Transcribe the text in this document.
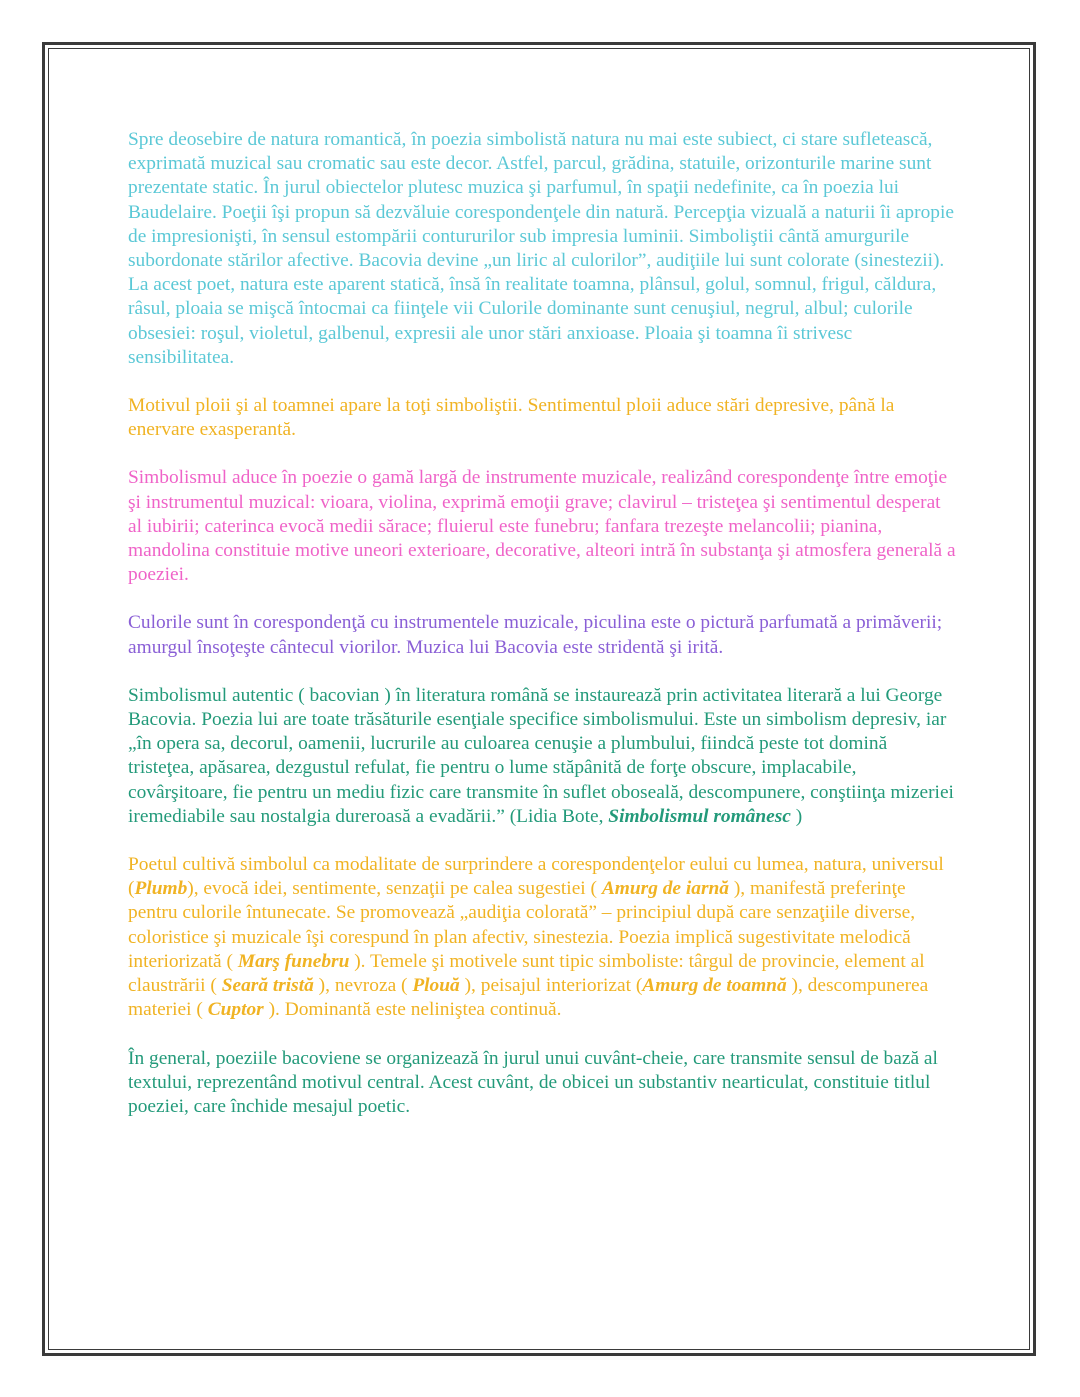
Spre deosebire de natura romantică, în poezia simbolistă natura nu mai este subiect, ci stare sufletească, exprimată muzical sau cromatic sau este decor. Astfel, parcul, grădina, statuile, orizonturile marine sunt prezentate static. În jurul obiectelor plutesc muzica şi parfumul, în spaţii nedefinite, ca în poezia lui Baudelaire. Poeţii îşi propun să dezvăluie corespondenţele din natură. Percepţia vizuală a naturii îi apropie de impresionişti, în sensul estompării contururilor sub impresia luminii. Simboliştii cântă amurgurile subordonate stărilor afective. Bacovia devine „un liric al culorilor”, audiţiile lui sunt colorate (sinestezii). La acest poet, natura este aparent statică, însă în realitate toamna, plânsul, golul, somnul, frigul, căldura, râsul, ploaia se mişcă întocmai ca fiinţele vii Culorile dominante sunt cenuşiul, negrul, albul; culorile obsesiei: roşul, violetul, galbenul, expresii ale unor stări anxioase. Ploaia şi toamna îi strivesc sensibilitatea.

Motivul ploii şi al toamnei apare la toţi simboliştii. Sentimentul ploii aduce stări depresive, până la enervare exasperantă.

Simbolismul aduce în poezie o gamă largă de instrumente muzicale, realizând corespondenţe între emoţie şi instrumentul muzical: vioara, violina, exprimă emoţii grave; clavirul – tristeţea şi sentimentul desperat al iubirii; caterinca evocă medii sărace; fluierul este funebru; fanfara trezeşte melancolii; pianina, mandolina constituie motive uneori exterioare, decorative, alteori intră în substanţa şi atmosfera generală a poeziei.

Culorile sunt în corespondenţă cu instrumentele muzicale, piculina este o pictură parfumată a primăverii; amurgul însoţeşte cântecul viorilor. Muzica lui Bacovia este stridentă şi irită.

Simbolismul autentic ( bacovian ) în literatura română se instaurează prin activitatea literară a lui George Bacovia. Poezia lui are toate trăsăturile esenţiale specifice simbolismului. Este un simbolism depresiv, iar „în opera sa, decorul, oamenii, lucrurile au culoarea cenuşie a plumbului, fiindcă peste tot domină tristeţea, apăsarea, dezgustul refulat, fie pentru o lume stăpânită de forţe obscure, implacabile, covârşitoare, fie pentru un mediu fizic care transmite în suflet oboseală, descompunere, conştiinţa mizeriei iremediabile sau nostalgia dureroasă a evadării.” (Lidia Bote, Simbolismul românesc )

Poetul cultivă simbolul ca modalitate de surprindere a corespondenţelor eului cu lumea, natura, universul (Plumb), evocă idei, sentimente, senzaţii pe calea sugestiei ( Amurg de iarnă ), manifestă preferinţe pentru culorile întunecate. Se promovează „audiţia colorată” – principiul după care senzaţiile diverse, coloristice şi muzicale îşi corespund în plan afectiv, sinestezia. Poezia implică sugestivitate melodică interiorizată ( Marş funebru ). Temele şi motivele sunt tipic simboliste: târgul de provincie, element al claustrării ( Seară tristă ), nevroza ( Plouă ), peisajul interiorizat (Amurg de toamnă ), descompunerea materiei ( Cuptor ). Dominantă este neliniştea continuă.

În general, poeziile bacoviene se organizează în jurul unui cuvânt-cheie, care transmite sensul de bază al textului, reprezentând motivul central. Acest cuvânt, de obicei un substantiv nearticulat, constituie titlul poeziei, care închide mesajul poetic.
